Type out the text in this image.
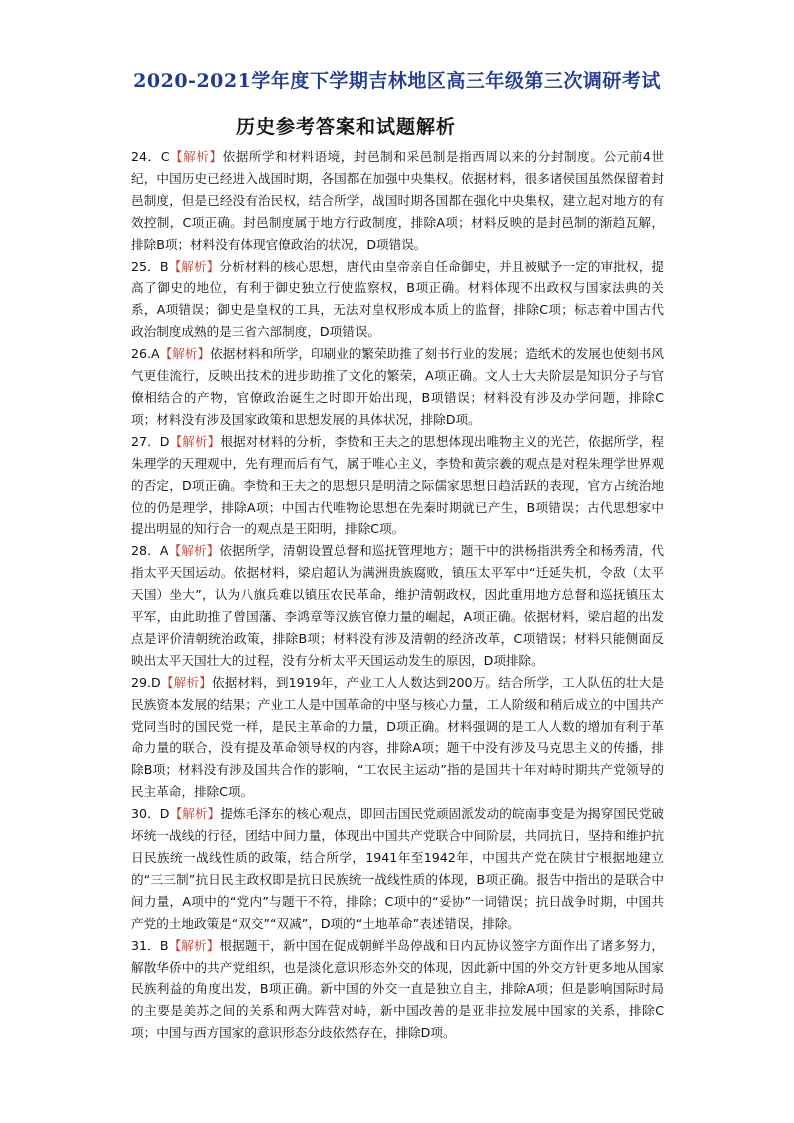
2020-2021学年度下学期吉林地区高三年级第三次调研考试
历史参考答案和试题解析

24．C【解析】依据所学和材料语境，封邑制和采邑制是指西周以来的分封制度。公元前4世纪，中国历史已经进入战国时期，各国都在加强中央集权。依据材料，很多诸侯国虽然保留着封邑制度，但是已经没有治民权，结合所学，战国时期各国都在强化中央集权，建立起对地方的有效控制，C项正确。封邑制度属于地方行政制度，排除A项；材料反映的是封邑制的渐趋瓦解，排除B项；材料没有体现官僚政治的状况，D项错误。

25．B【解析】分析材料的核心思想，唐代由皇帝亲自任命御史，并且被赋予一定的审批权，提高了御史的地位，有利于御史独立行使监察权，B项正确。材料体现不出政权与国家法典的关系，A项错误；御史是皇权的工具，无法对皇权形成本质上的监督，排除C项；标志着中国古代政治制度成熟的是三省六部制度，D项错误。

26.A【解析】依据材料和所学，印刷业的繁荣助推了刻书行业的发展；造纸术的发展也使刻书风气更佳流行，反映出技术的进步助推了文化的繁荣，A项正确。文人士大夫阶层是知识分子与官僚相结合的产物，官僚政治诞生之时即开始出现，B项错误；材料没有涉及办学问题，排除C项；材料没有涉及国家政策和思想发展的具体状况，排除D项。

27．D【解析】根据对材料的分析，李贽和王夫之的思想体现出唯物主义的光芒，依据所学，程朱理学的天理观中，先有理而后有气，属于唯心主义，李贽和黄宗羲的观点是对程朱理学世界观的否定，D项正确。李贽和王夫之的思想只是明清之际儒家思想日趋活跃的表现，官方占统治地位的仍是理学，排除A项；中国古代唯物论思想在先秦时期就已产生，B项错误；古代思想家中提出明显的知行合一的观点是王阳明，排除C项。

28．A【解析】依据所学，清朝设置总督和巡抚管理地方；题干中的洪杨指洪秀全和杨秀清，代指太平天国运动。依据材料，梁启超认为满洲贵族腐败，镇压太平军中“迁延失机，令敌（太平天国）坐大”，认为八旗兵难以镇压农民革命，维护清朝政权，因此重用地方总督和巡抚镇压太平军，由此助推了曾国藩、李鸿章等汉族官僚力量的崛起，A项正确。依据材料，梁启超的出发点是评价清朝统治政策，排除B项；材料没有涉及清朝的经济改革，C项错误；材料只能侧面反映出太平天国壮大的过程，没有分析太平天国运动发生的原因，D项排除。

29.D【解析】依据材料，到1919年，产业工人人数达到200万。结合所学，工人队伍的壮大是民族资本发展的结果；产业工人是中国革命的中坚与核心力量，工人阶级和稍后成立的中国共产党同当时的国民党一样，是民主革命的力量，D项正确。材料强调的是工人人数的增加有利于革命力量的联合，没有提及革命领导权的内容，排除A项；题干中没有涉及马克思主义的传播，排除B项；材料没有涉及国共合作的影响，“工农民主运动”指的是国共十年对峙时期共产党领导的民主革命，排除C项。

30．D【解析】提炼毛泽东的核心观点，即回击国民党顽固派发动的皖南事变是为揭穿国民党破坏统一战线的行径，团结中间力量，体现出中国共产党联合中间阶层，共同抗日，坚持和维护抗日民族统一战线性质的政策，结合所学，1941年至1942年，中国共产党在陕甘宁根据地建立的“三三制”抗日民主政权即是抗日民族统一战线性质的体现，B项正确。报告中指出的是联合中间力量，A项中的“党内”与题干不符，排除；C项中的“妥协”一词错误；抗日战争时期，中国共产党的土地政策是“双交”“双减”，D项的“土地革命”表述错误，排除。

31．B【解析】根据题干，新中国在促成朝鲜半岛停战和日内瓦协议签字方面作出了诸多努力，解散华侨中的共产党组织，也是淡化意识形态外交的体现，因此新中国的外交方针更多地从国家民族利益的角度出发，B项正确。新中国的外交一直是独立自主，排除A项；但是影响国际时局的主要是美苏之间的关系和两大阵营对峙，新中国改善的是亚非拉发展中国家的关系，排除C项；中国与西方国家的意识形态分歧依然存在，排除D项。
